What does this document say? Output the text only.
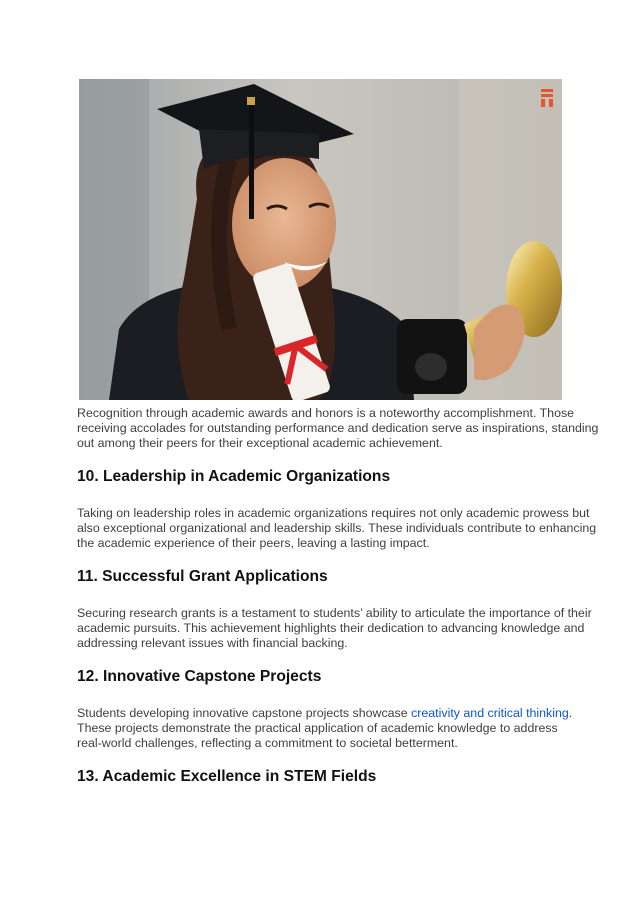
Recognition through academic awards and honors is a noteworthy accomplishment. Those
receiving accolades for outstanding performance and dedication serve as inspirations, standing
out among their peers for their exceptional academic achievement.

10. Leadership in Academic Organizations

Taking on leadership roles in academic organizations requires not only academic prowess but
also exceptional organizational and leadership skills. These individuals contribute to enhancing
the academic experience of their peers, leaving a lasting impact.

11. Successful Grant Applications

Securing research grants is a testament to students’ ability to articulate the importance of their
academic pursuits. This achievement highlights their dedication to advancing knowledge and
addressing relevant issues with financial backing.

12. Innovative Capstone Projects

Students developing innovative capstone projects showcase creativity and critical thinking.
These projects demonstrate the practical application of academic knowledge to address
real-world challenges, reflecting a commitment to societal betterment.

13. Academic Excellence in STEM Fields
